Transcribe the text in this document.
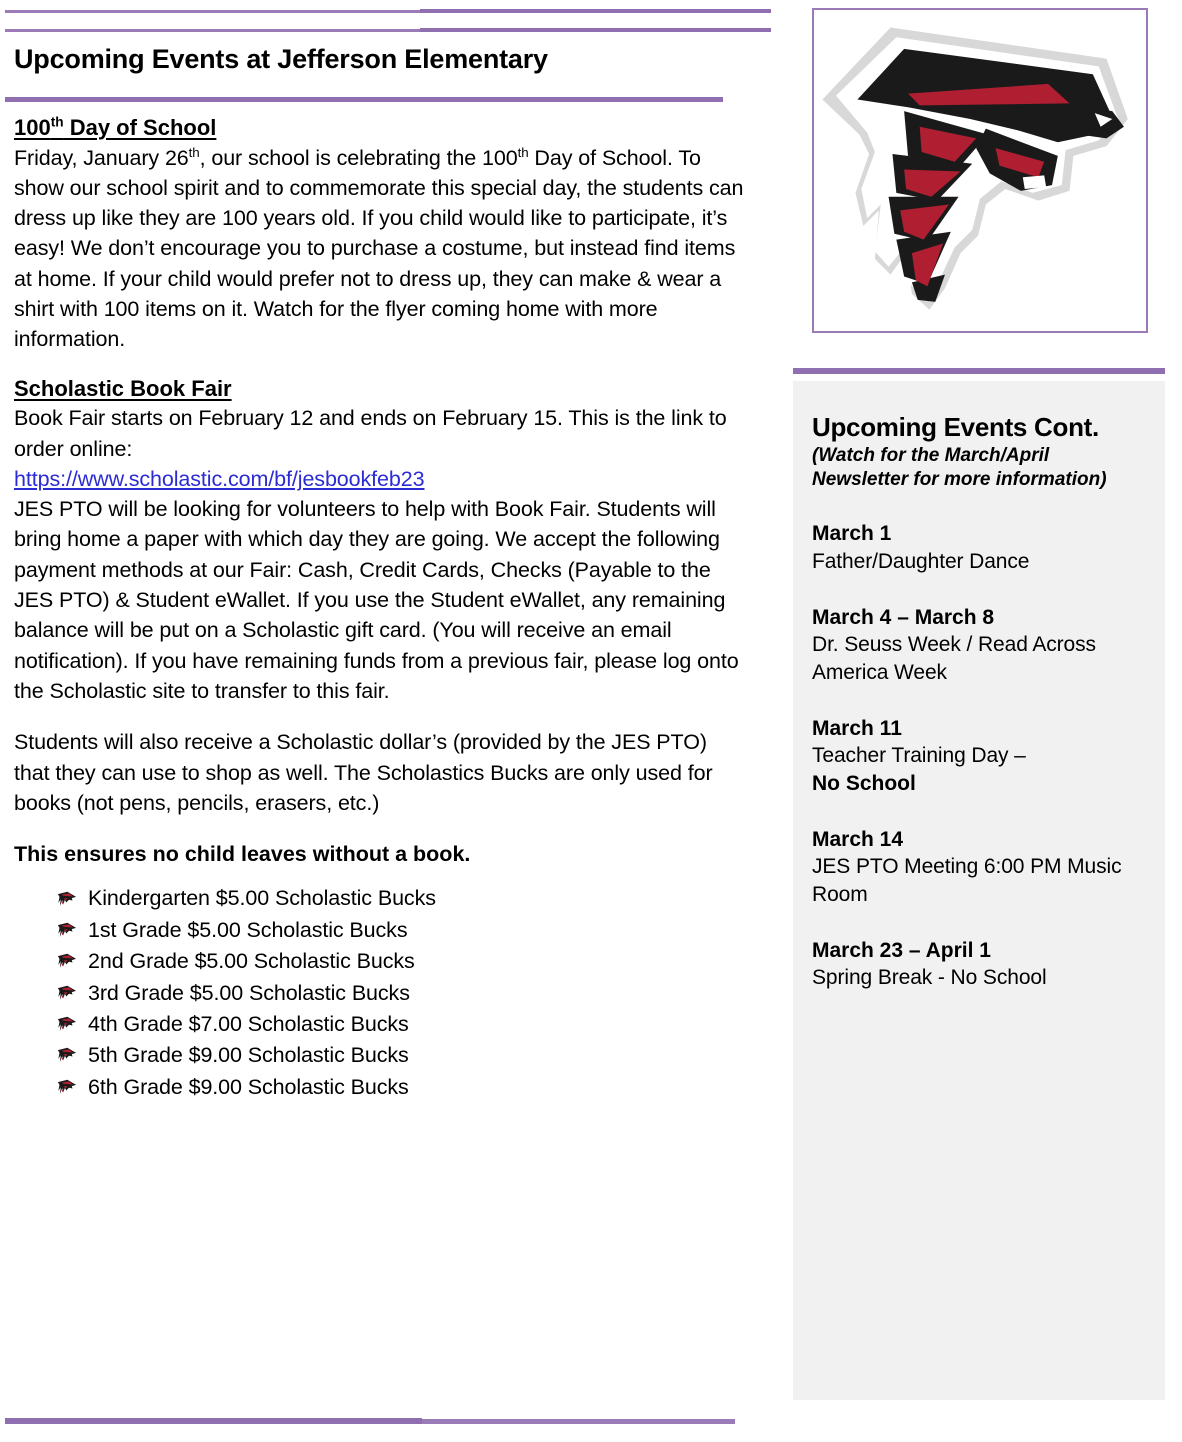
Upcoming Events at Jefferson Elementary
100th Day of School

Friday, January 26th, our school is celebrating the 100th Day of School. To show our school spirit and to commemorate this special day, the students can dress up like they are 100 years old. If you child would like to participate, it’s easy! We don’t encourage you to purchase a costume, but instead find items at home. If your child would prefer not to dress up, they can make & wear a shirt with 100 items on it. Watch for the flyer coming home with more information.

Scholastic Book Fair

Book Fair starts on February 12 and ends on February 15. This is the link to order online:
https://www.scholastic.com/bf/jesbookfeb23
JES PTO will be looking for volunteers to help with Book Fair. Students will bring home a paper with which day they are going. We accept the following payment methods at our Fair: Cash, Credit Cards, Checks (Payable to the JES PTO) & Student eWallet. If you use the Student eWallet, any remaining balance will be put on a Scholastic gift card. (You will receive an email notification). If you have remaining funds from a previous fair, please log onto the Scholastic site to transfer to this fair.

Students will also receive a Scholastic dollar’s (provided by the JES PTO) that they can use to shop as well. The Scholastics Bucks are only used for books (not pens, pencils, erasers, etc.)

This ensures no child leaves without a book.

Kindergarten $5.00 Scholastic Bucks
1st Grade $5.00 Scholastic Bucks
2nd Grade $5.00 Scholastic Bucks
3rd Grade $5.00 Scholastic Bucks
4th Grade $7.00 Scholastic Bucks
5th Grade $9.00 Scholastic Bucks
6th Grade $9.00 Scholastic Bucks
Upcoming Events Cont.
(Watch for the March/April Newsletter for more information)
March 1
Father/Daughter Dance
March 4 – March 8
Dr. Seuss Week / Read Across America Week
March 11
Teacher Training Day –
No School
March 14
JES PTO Meeting 6:00 PM Music Room
March 23 – April 1
Spring Break - No School
